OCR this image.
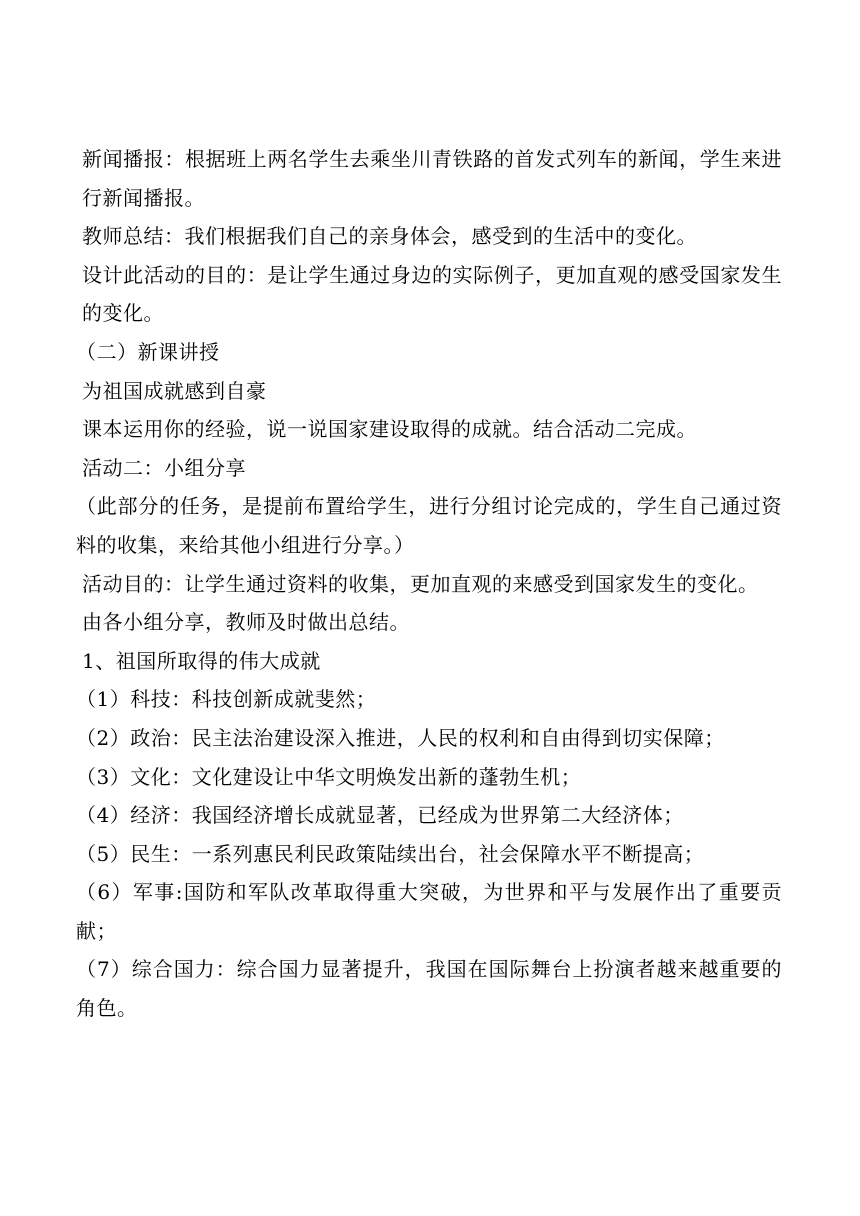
新闻播报：根据班上两名学生去乘坐川青铁路的首发式列车的新闻，学生来进行新闻播报。

教师总结：我们根据我们自己的亲身体会，感受到的生活中的变化。

设计此活动的目的：是让学生通过身边的实际例子，更加直观的感受国家发生的变化。

（二）新课讲授

为祖国成就感到自豪

课本运用你的经验，说一说国家建设取得的成就。结合活动二完成。

活动二：小组分享

（此部分的任务，是提前布置给学生，进行分组讨论完成的，学生自己通过资料的收集，来给其他小组进行分享。）

活动目的：让学生通过资料的收集，更加直观的来感受到国家发生的变化。

由各小组分享，教师及时做出总结。

1、祖国所取得的伟大成就

（1）科技：科技创新成就斐然；

（2）政治：民主法治建设深入推进，人民的权利和自由得到切实保障；

（3）文化：文化建设让中华文明焕发出新的蓬勃生机；

（4）经济：我国经济增长成就显著，已经成为世界第二大经济体；

（5）民生：一系列惠民利民政策陆续出台，社会保障水平不断提高；

（6）军事:国防和军队改革取得重大突破，为世界和平与发展作出了重要贡献；

（7）综合国力：综合国力显著提升，我国在国际舞台上扮演者越来越重要的角色。
